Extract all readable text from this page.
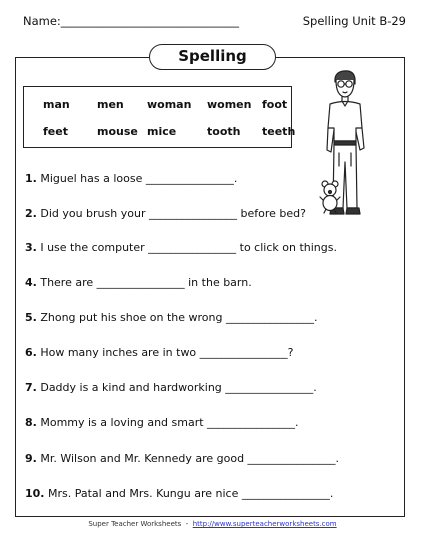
Name:_______________________________	Spelling Unit B-29
Spelling
man men woman women foot
feet	mouse mice	tooth teeth
1. Miguel has a loose ________________.
2. Did you brush your ________________ before bed?
3. I use the computer ________________ to click on things.
4. There are ________________ in the barn.
5. Zhong put his shoe on the wrong ________________.
6. How many inches are in two ________________?
7. Daddy is a kind and hardworking ________________.
8. Mommy is a loving and smart ________________.
9. Mr. Wilson and Mr. Kennedy are good ________________.
10. Mrs. Patal and Mrs. Kungu are nice ________________.
Super Teacher Worksheets  -  http://www.superteacherworksheets.com
